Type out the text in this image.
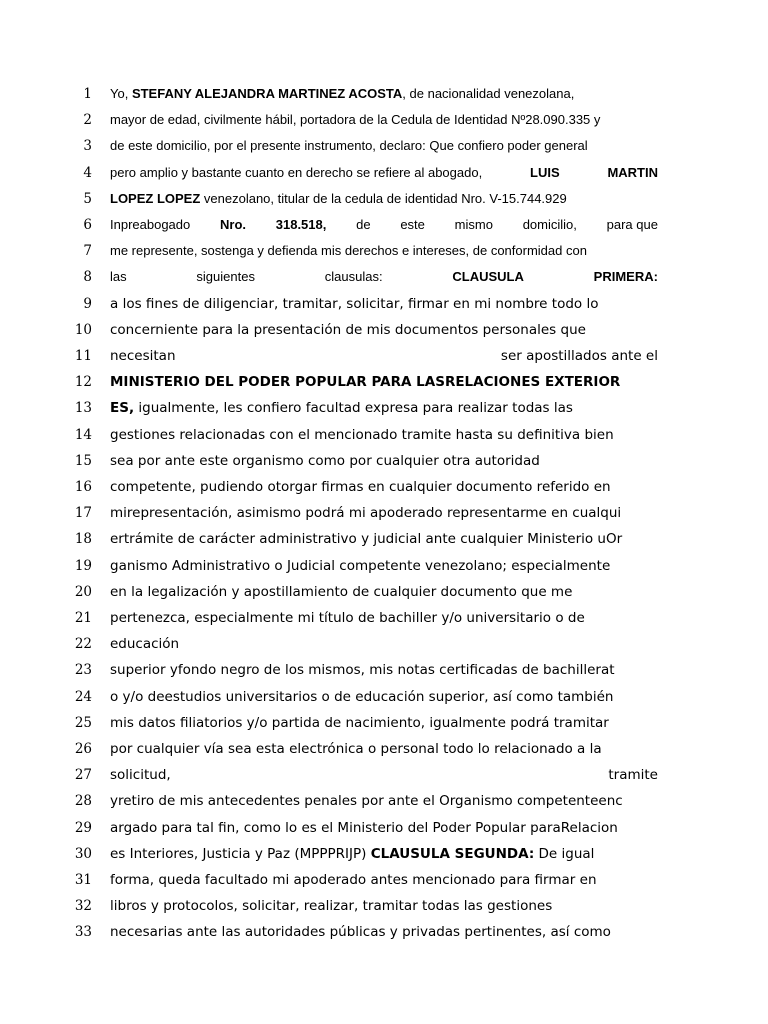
1 Yo, STEFANY ALEJANDRA MARTINEZ ACOSTA, de nacionalidad venezolana,
2 mayor de edad, civilmente hábil, portadora de la Cedula de Identidad Nº28.090.335 y
3 de este domicilio, por el presente instrumento, declaro: Que confiero poder general
4 pero amplio y bastante cuanto en derecho se refiere al abogado,	LUIS	MARTIN
5 LOPEZ LOPEZ venezolano, titular de la cedula de identidad Nro. V-15.744.929
6 Inpreabogado Nro. 318.518, de este mismo domicilio, para que
7 me represente, sostenga y defienda mis derechos e intereses, de conformidad con
8 las	siguientes	clausulas:	CLAUSULA	PRIMERA:
9 a los fines de diligenciar, tramitar, solicitar, firmar en mi nombre todo lo
10 concerniente para la presentación de mis documentos personales que
11 necesitan	ser apostillados ante el
12 MINISTERIO DEL PODER POPULAR PARA LASRELACIONES EXTERIOR
13 ES, igualmente, les confiero facultad expresa para realizar todas las
14 gestiones relacionadas con el mencionado tramite hasta su definitiva bien
15 sea por ante este organismo como por cualquier otra autoridad
16 competente, pudiendo otorgar firmas en cualquier documento referido en
17 mirepresentación, asimismo podrá mi apoderado representarme en cualqui
18 ertrámite de carácter administrativo y judicial ante cualquier Ministerio uOr
19 ganismo Administrativo o Judicial competente venezolano; especialmente
20 en la legalización y apostillamiento de cualquier documento que me
21 pertenezca, especialmente mi título de bachiller y/o universitario o de
22 educación
23 superior yfondo negro de los mismos, mis notas certificadas de bachillerat
24 o y/o deestudios universitarios o de educación superior, así como también
25 mis datos filiatorios y/o partida de nacimiento, igualmente podrá tramitar
26 por cualquier vía sea esta electrónica o personal todo lo relacionado a la
27 solicitud,	tramite
28 yretiro de mis antecedentes penales por ante el Organismo competenteenc
29 argado para tal fin, como lo es el Ministerio del Poder Popular paraRelacion
30 es Interiores, Justicia y Paz (MPPPRIJP) CLAUSULA SEGUNDA: De igual
31 forma, queda facultado mi apoderado antes mencionado para firmar en
32 libros y protocolos, solicitar, realizar, tramitar todas las gestiones
33 necesarias ante las autoridades públicas y privadas pertinentes, así como
